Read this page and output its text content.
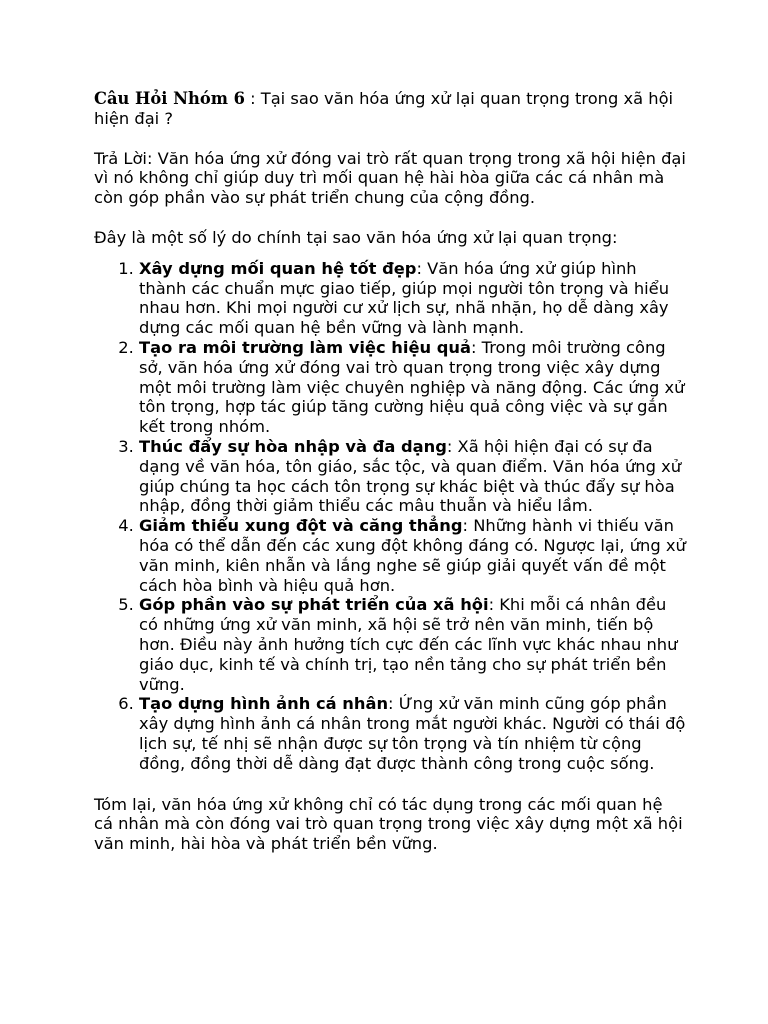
Câu Hỏi Nhóm 6 : Tại sao văn hóa ứng xử lại quan trọng trong xã hội hiện đại ?

Trả Lời: Văn hóa ứng xử đóng vai trò rất quan trọng trong xã hội hiện đại vì nó không chỉ giúp duy trì mối quan hệ hài hòa giữa các cá nhân mà còn góp phần vào sự phát triển chung của cộng đồng.

Đây là một số lý do chính tại sao văn hóa ứng xử lại quan trọng:

1. Xây dựng mối quan hệ tốt đẹp: Văn hóa ứng xử giúp hình thành các chuẩn mực giao tiếp, giúp mọi người tôn trọng và hiểu nhau hơn. Khi mọi người cư xử lịch sự, nhã nhặn, họ dễ dàng xây dựng các mối quan hệ bền vững và lành mạnh.
2. Tạo ra môi trường làm việc hiệu quả: Trong môi trường công sở, văn hóa ứng xử đóng vai trò quan trọng trong việc xây dựng một môi trường làm việc chuyên nghiệp và năng động. Các ứng xử tôn trọng, hợp tác giúp tăng cường hiệu quả công việc và sự gắn kết trong nhóm.
3. Thúc đẩy sự hòa nhập và đa dạng: Xã hội hiện đại có sự đa dạng về văn hóa, tôn giáo, sắc tộc, và quan điểm. Văn hóa ứng xử giúp chúng ta học cách tôn trọng sự khác biệt và thúc đẩy sự hòa nhập, đồng thời giảm thiểu các mâu thuẫn và hiểu lầm.
4. Giảm thiểu xung đột và căng thẳng: Những hành vi thiếu văn hóa có thể dẫn đến các xung đột không đáng có. Ngược lại, ứng xử văn minh, kiên nhẫn và lắng nghe sẽ giúp giải quyết vấn đề một cách hòa bình và hiệu quả hơn.
5. Góp phần vào sự phát triển của xã hội: Khi mỗi cá nhân đều có những ứng xử văn minh, xã hội sẽ trở nên văn minh, tiến bộ hơn. Điều này ảnh hưởng tích cực đến các lĩnh vực khác nhau như giáo dục, kinh tế và chính trị, tạo nền tảng cho sự phát triển bền vững.
6. Tạo dựng hình ảnh cá nhân: Ứng xử văn minh cũng góp phần xây dựng hình ảnh cá nhân trong mắt người khác. Người có thái độ lịch sự, tế nhị sẽ nhận được sự tôn trọng và tín nhiệm từ cộng đồng, đồng thời dễ dàng đạt được thành công trong cuộc sống.

Tóm lại, văn hóa ứng xử không chỉ có tác dụng trong các mối quan hệ cá nhân mà còn đóng vai trò quan trọng trong việc xây dựng một xã hội văn minh, hài hòa và phát triển bền vững.
